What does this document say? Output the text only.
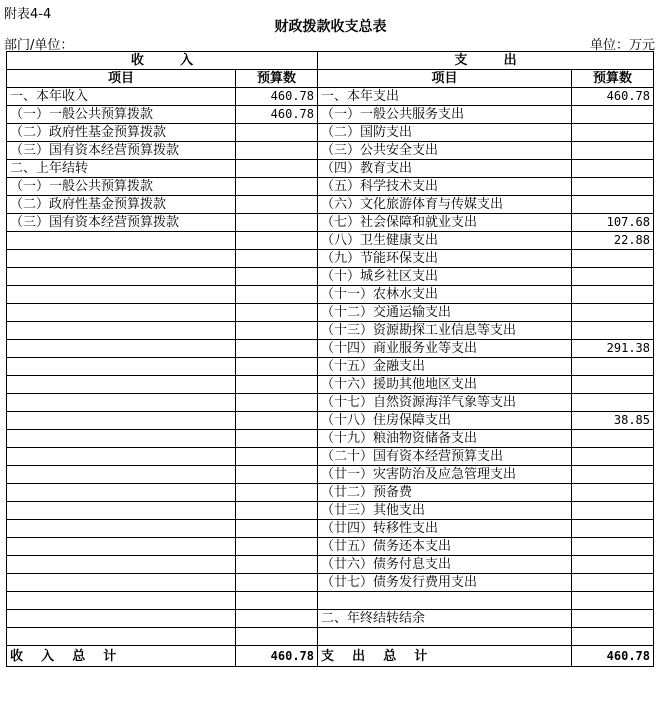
附表4-4
财政拨款收支总表
部门/单位：	单位：万元
收        入		支        出	
项目	预算数	项目	预算数
一、本年收入	460.78	一、本年支出	460.78
（一）一般公共预算拨款	460.78	（一）一般公共服务支出	
（二）政府性基金预算拨款		（二）国防支出	
（三）国有资本经营预算拨款		（三）公共安全支出	
二、上年结转		（四）教育支出	
（一）一般公共预算拨款		（五）科学技术支出	
（二）政府性基金预算拨款		（六）文化旅游体育与传媒支出	
（三）国有资本经营预算拨款		（七）社会保障和就业支出	107.68
		（八）卫生健康支出	22.88
		（九）节能环保支出	
		（十）城乡社区支出	
		（十一）农林水支出	
		（十二）交通运输支出	
		（十三）资源勘探工业信息等支出	
		（十四）商业服务业等支出	291.38
		（十五）金融支出	
		（十六）援助其他地区支出	
		（十七）自然资源海洋气象等支出	
		（十八）住房保障支出	38.85
		（十九）粮油物资储备支出	
		（二十）国有资本经营预算支出	
		（廿一）灾害防治及应急管理支出	
		（廿二）预备费	
		（廿三）其他支出	
		（廿四）转移性支出	
		（廿五）债务还本支出	
		（廿六）债务付息支出	
		（廿七）债务发行费用支出	

		二、年终结转结余	

收    入    总    计	460.78	支    出    总    计	460.78
